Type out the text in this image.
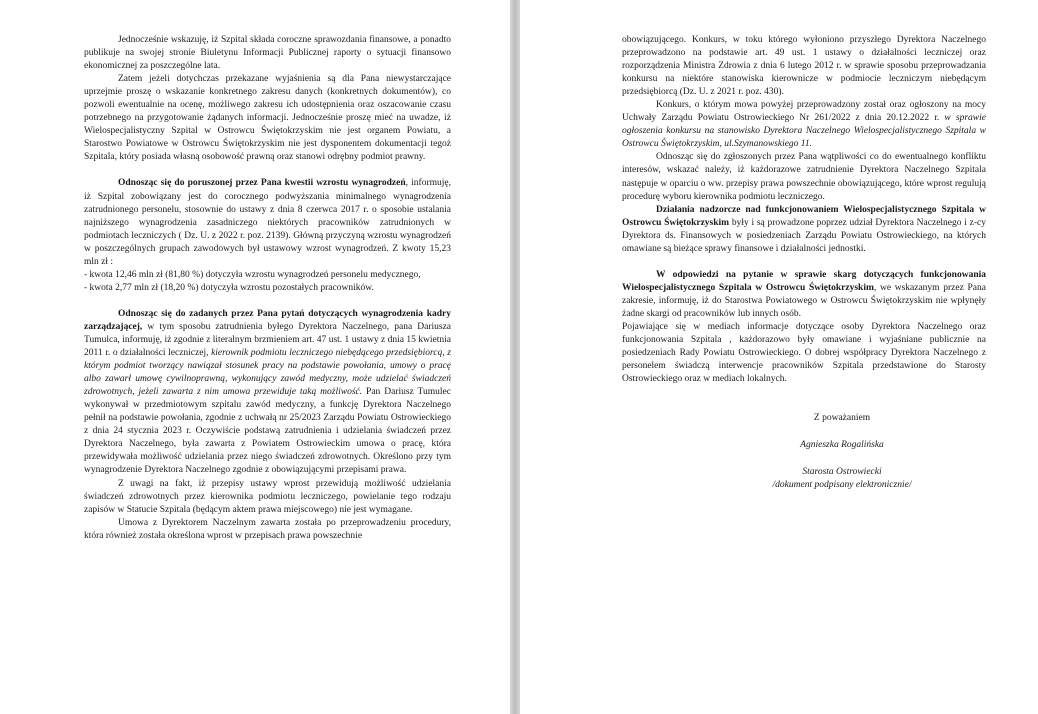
Jednocześnie wskazuję, iż Szpital składa coroczne sprawozdania finansowe, a ponadto publikuje na swojej stronie Biuletynu Informacji Publicznej raporty o sytuacji finansowo ekonomicznej za poszczególne lata.

Zatem jeżeli dotychczas przekazane wyjaśnienia są dla Pana niewystarczające uprzejmie proszę o wskazanie konkretnego zakresu danych (konkretnych dokumentów), co pozwoli ewentualnie na ocenę, możliwego zakresu ich udostępnienia oraz oszacowanie czasu potrzebnego na przygotowanie żądanych informacji. Jednocześnie proszę mieć na uwadze, iż Wielospecjalistyczny Szpital w Ostrowcu Świętokrzyskim nie jest organem Powiatu, a Starostwo Powiatowe w Ostrowcu Świętokrzyskim nie jest dysponentem dokumentacji tegoż Szpitala, który posiada własną osobowość prawną oraz stanowi odrębny podmiot prawny.

Odnosząc się do poruszonej przez Pana kwestii wzrostu wynagrodzeń, informuję, iż Szpital zobowiązany jest do corocznego podwyższania minimalnego wynagrodzenia zatrudnionego personelu, stosownie do ustawy z dnia 8 czerwca 2017 r. o sposobie ustalania najniższego wynagrodzenia zasadniczego niektórych pracowników zatrudnionych w podmiotach leczniczych ( Dz. U. z 2022 r. poz. 2139). Główną przyczyną wzrostu wynagrodzeń w poszczególnych grupach zawodowych był ustawowy wzrost wynagrodzeń. Z kwoty 15,23 mln zł :

- kwota 12,46 mln zł (81,80 %) dotyczyła wzrostu wynagrodzeń personelu medycznego,

- kwota 2,77 mln zł (18,20 %) dotyczyła wzrostu pozostałych pracowników.

Odnosząc się do zadanych przez Pana pytań dotyczących wynagrodzenia kadry zarządzającej, w tym sposobu zatrudnienia byłego Dyrektora Naczelnego, pana Dariusza Tumulca, informuję, iż zgodnie z literalnym brzmieniem art. 47 ust. 1 ustawy z dnia 15 kwietnia 2011 r. o działalności leczniczej, kierownik podmiotu leczniczego niebędącego przedsiębiorcą, z którym podmiot tworzący nawiązał stosunek pracy na podstawie powołania, umowy o pracę albo zawarł umowę cywilnoprawną, wykonujący zawód medyczny, może udzielać świadczeń zdrowotnych, jeżeli zawarta z nim umowa przewiduje taką możliwość. Pan Dariusz Tumulec wykonywał w przedmiotowym szpitalu zawód medyczny, a funkcję Dyrektora Naczelnego pełnił na podstawie powołania, zgodnie z uchwałą nr 25/2023 Zarządu Powiatu Ostrowieckiego z dnia 24 stycznia 2023 r. Oczywiście podstawą zatrudnienia i udzielania świadczeń przez Dyrektora Naczelnego, była zawarta z Powiatem Ostrowieckim umowa o pracę, która przewidywała możliwość udzielania przez niego świadczeń zdrowotnych. Określono przy tym wynagrodzenie Dyrektora Naczelnego zgodnie z obowiązującymi przepisami prawa.

Z uwagi na fakt, iż przepisy ustawy wprost przewidują możliwość udzielania świadczeń zdrowotnych przez kierownika podmiotu leczniczego, powielanie tego rodzaju zapisów w Statucie Szpitala (będącym aktem prawa miejscowego) nie jest wymagane.

Umowa z Dyrektorem Naczelnym zawarta została po przeprowadzeniu procedury, która również została określona wprost w przepisach prawa powszechnie

obowiązującego. Konkurs, w toku którego wyłoniono przyszłego Dyrektora Naczelnego przeprowadzono na podstawie art. 49 ust. 1 ustawy o działalności leczniczej oraz rozporządzenia Ministra Zdrowia z dnia 6 lutego 2012 r. w sprawie sposobu przeprowadzania konkursu na niektóre stanowiska kierownicze w podmiocie leczniczym niebędącym przedsiębiorcą (Dz. U. z 2021 r. poz. 430).

Konkurs, o którym mowa powyżej przeprowadzony został oraz ogłoszony na mocy Uchwały Zarządu Powiatu Ostrowieckiego Nr 261/2022 z dnia 20.12.2022 r. w sprawie ogłoszenia konkursu na stanowisko Dyrektora Naczelnego Wielospecjalistycznego Szpitala w Ostrowcu Świętokrzyskim, ul.Szymanowskiego 11.

Odnosząc się do zgłoszonych przez Pana wątpliwości co do ewentualnego konfliktu interesów, wskazać należy, iż każdorazowe zatrudnienie Dyrektora Naczelnego Szpitala następuje w oparciu o ww. przepisy prawa powszechnie obowiązującego, które wprost regulują procedurę wyboru kierownika podmiotu leczniczego.

Działania nadzorcze nad funkcjonowaniem Wielospecjalistycznego Szpitala w Ostrowcu Świętokrzyskim były i są prowadzone poprzez udział Dyrektora Naczelnego i z-cy Dyrektora ds. Finansowych w posiedzeniach Zarządu Powiatu Ostrowieckiego, na których omawiane są bieżące sprawy finansowe i działalności jednostki.

W odpowiedzi na pytanie w sprawie skarg dotyczących funkcjonowania Wielospecjalistycznego Szpitala w Ostrowcu Świętokrzyskim, we wskazanym przez Pana zakresie, informuję, iż do Starostwa Powiatowego w Ostrowcu Świętokrzyskim nie wpłynęły żadne skargi od pracowników lub innych osób.

Pojawiające się w mediach informacje dotyczące osoby Dyrektora Naczelnego oraz funkcjonowania Szpitala , każdorazowo były omawiane i wyjaśniane publicznie na posiedzeniach Rady Powiatu Ostrowieckiego. O dobrej współpracy Dyrektora Naczelnego z personelem świadczą interwencje pracowników Szpitala przedstawione do Starosty Ostrowieckiego oraz w mediach lokalnych.

Z poważaniem

Agnieszka Rogalińska

Starosta Ostrowiecki

/dokument podpisany elektronicznie/
